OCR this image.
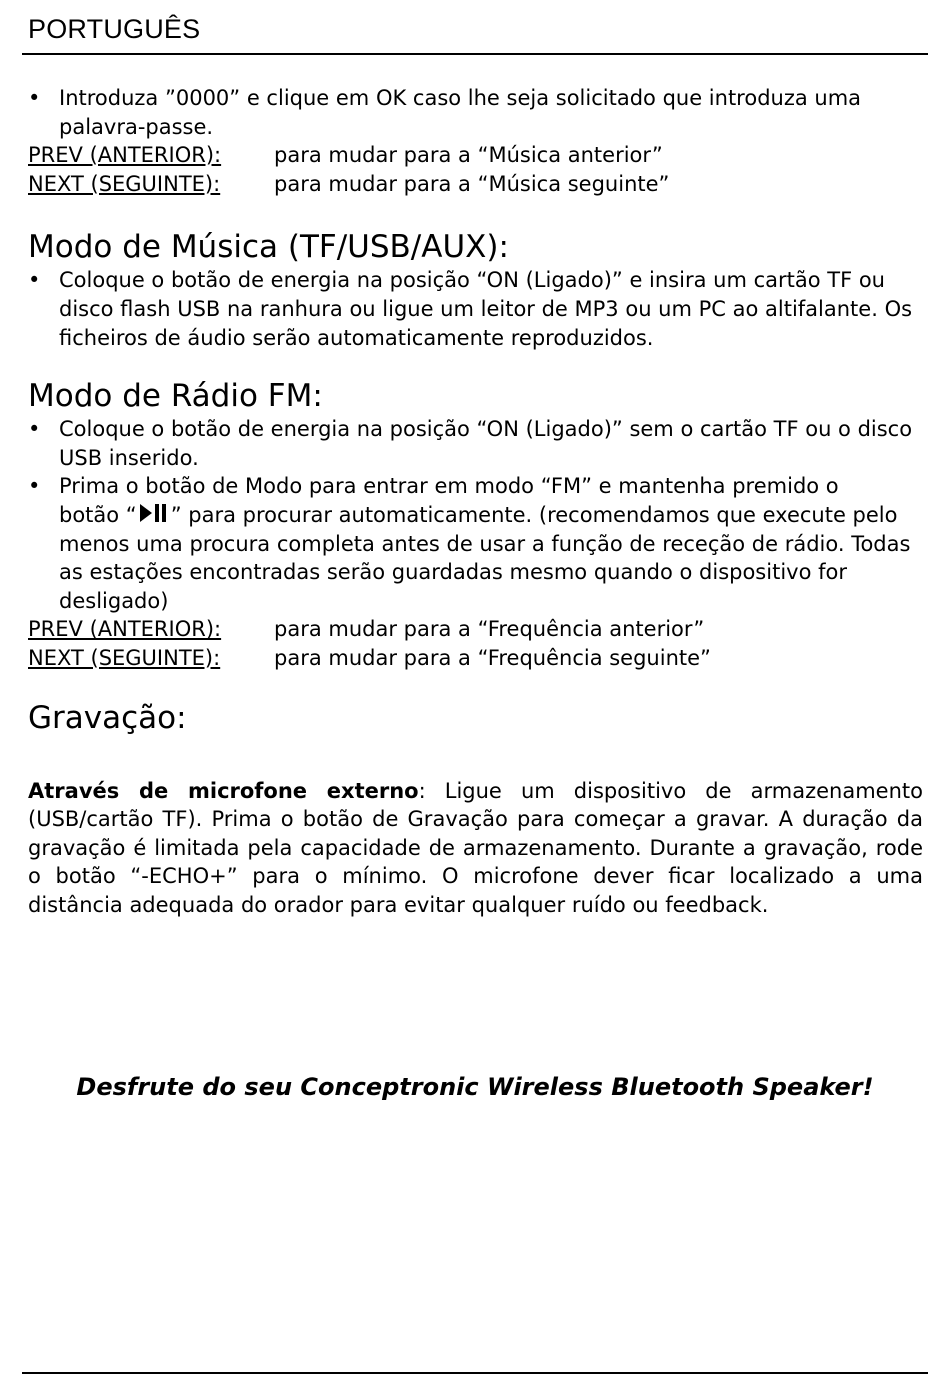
PORTUGUÊS
• Introduza ”0000” e clique em OK caso lhe seja solicitado que introduza uma palavra-passe.
PREV (ANTERIOR):	para mudar para a “Música anterior”
NEXT (SEGUINTE):	para mudar para a “Música seguinte”
Modo de Música (TF/USB/AUX):
• Coloque o botão de energia na posição “ON (Ligado)” e insira um cartão TF ou disco flash USB na ranhura ou ligue um leitor de MP3 ou um PC ao altifalante. Os ficheiros de áudio serão automaticamente reproduzidos.
Modo de Rádio FM:
• Coloque o botão de energia na posição “ON (Ligado)” sem o cartão TF ou o disco USB inserido.
• Prima o botão de Modo para entrar em modo “FM” e mantenha premido o
botão “ ” para procurar automaticamente. (recomendamos que execute pelo menos uma procura completa antes de usar a função de receção de rádio. Todas as estações encontradas serão guardadas mesmo quando o dispositivo for desligado)
PREV (ANTERIOR):	para mudar para a “Frequência anterior”
NEXT (SEGUINTE):	para mudar para a “Frequência seguinte”
Gravação:
Através de microfone externo: Ligue um dispositivo de armazenamento (USB/cartão TF). Prima o botão de Gravação para começar a gravar. A duração da gravação é limitada pela capacidade de armazenamento. Durante a gravação, rode o botão “-ECHO+” para o mínimo. O microfone dever ficar localizado a uma distância adequada do orador para evitar qualquer ruído ou feedback.
Desfrute do seu Conceptronic Wireless Bluetooth Speaker!
